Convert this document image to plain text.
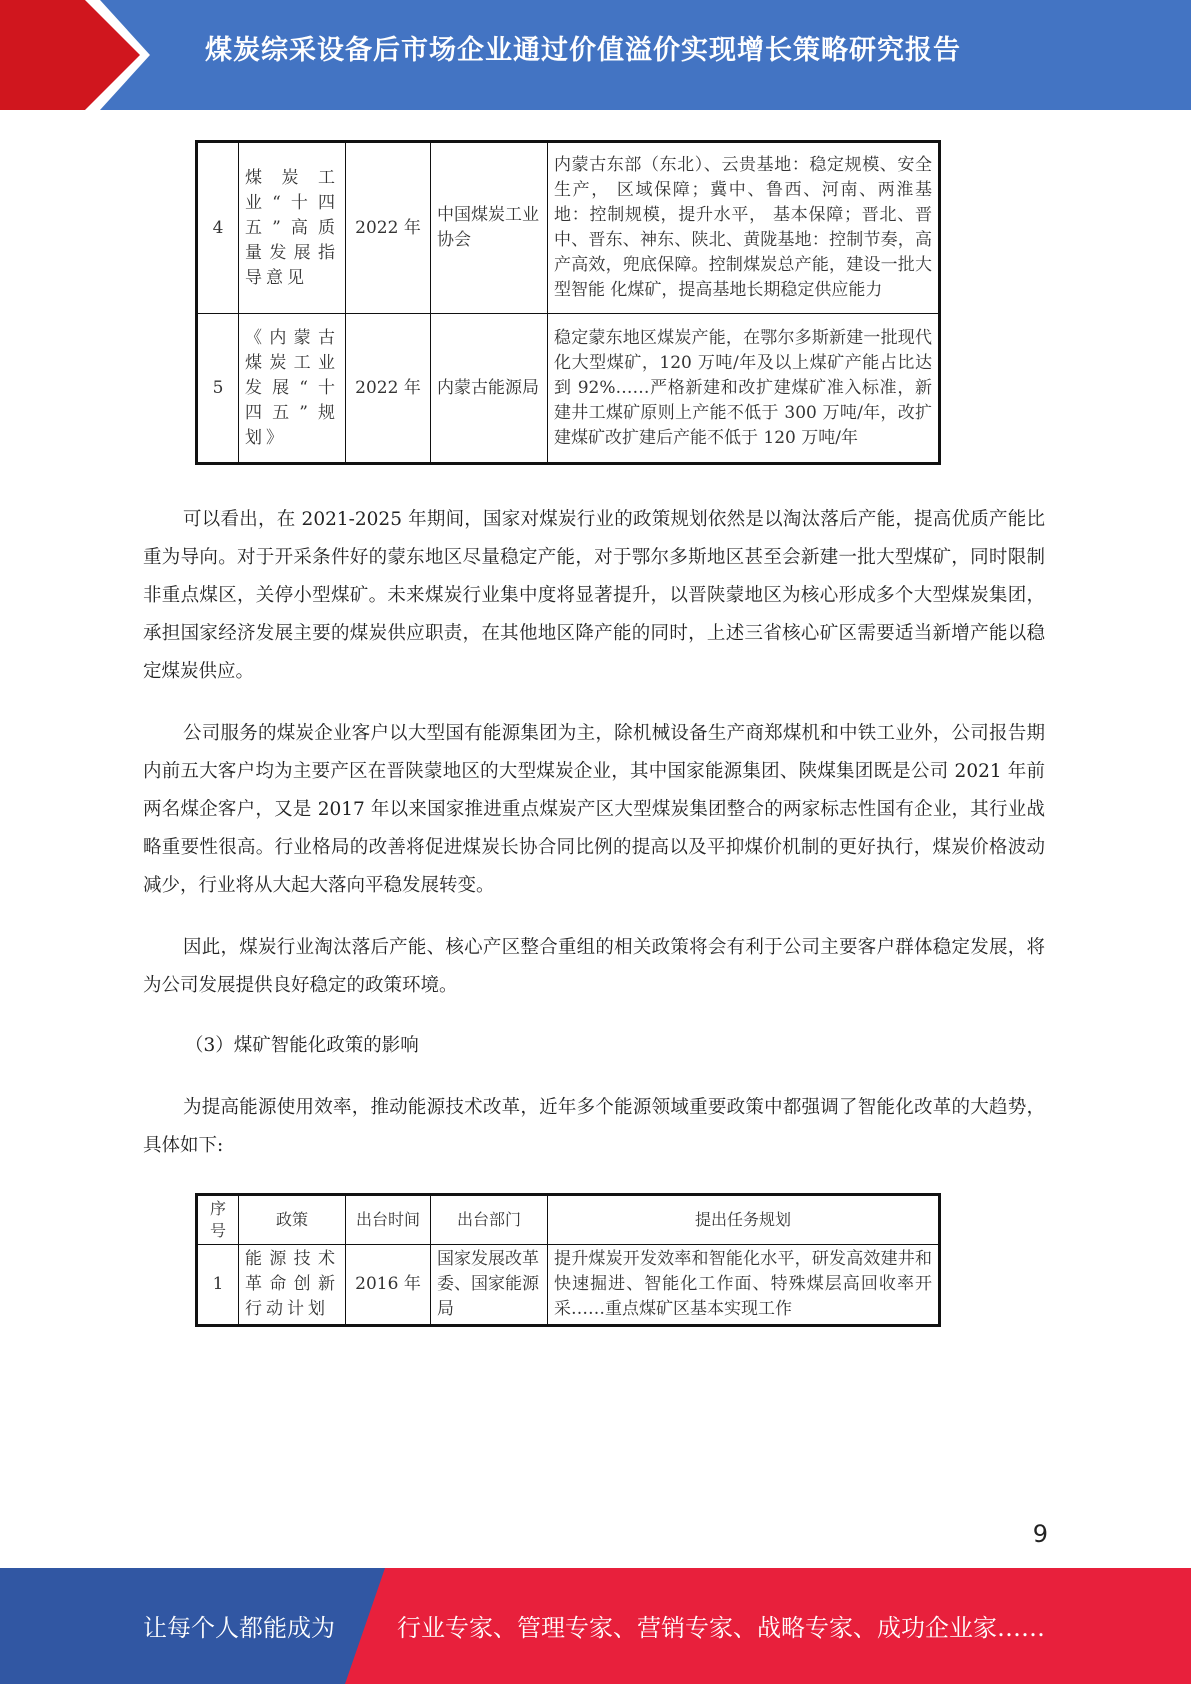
煤炭综采设备后市场企业通过价值溢价实现增长策略研究报告
4	煤炭工业“十四五”高质量发展指导意见	2022 年	中国煤炭工业协会	内蒙古东部（东北）、云贵基地：稳定规模、安全生产， 区域保障；冀中、鲁西、河南、两淮基地：控制规模，提升水平， 基本保障；晋北、晋中、晋东、神东、陕北、黄陇基地：控制节奏，高产高效，兜底保障。控制煤炭总产能，建设一批大型智能 化煤矿，提高基地长期稳定供应能力
5	《内蒙古煤炭工业发展“十 四五”规划》	2022 年	内蒙古能源局	稳定蒙东地区煤炭产能，在鄂尔多斯新建一批现代化大型煤矿，120 万吨/年及以上煤矿产能占比达到 92%……严格新建和改扩建煤矿准入标准，新建井工煤矿原则上产能不低于 300 万吨/年，改扩建煤矿改扩建后产能不低于 120 万吨/年

可以看出，在 2021-2025 年期间，国家对煤炭行业的政策规划依然是以淘汰落后产能，提高优质产能比重为导向。对于开采条件好的蒙东地区尽量稳定产能，对于鄂尔多斯地区甚至会新建一批大型煤矿，同时限制非重点煤区，关停小型煤矿。未来煤炭行业集中度将显著提升，以晋陕蒙地区为核心形成多个大型煤炭集团，承担国家经济发展主要的煤炭供应职责，在其他地区降产能的同时，上述三省核心矿区需要适当新增产能以稳定煤炭供应。

公司服务的煤炭企业客户以大型国有能源集团为主，除机械设备生产商郑煤机和中铁工业外，公司报告期内前五大客户均为主要产区在晋陕蒙地区的大型煤炭企业，其中国家能源集团、陕煤集团既是公司 2021 年前两名煤企客户，又是 2017 年以来国家推进重点煤炭产区大型煤炭集团整合的两家标志性国有企业，其行业战略重要性很高。行业格局的改善将促进煤炭长协合同比例的提高以及平抑煤价机制的更好执行，煤炭价格波动减少，行业将从大起大落向平稳发展转变。

因此，煤炭行业淘汰落后产能、核心产区整合重组的相关政策将会有利于公司主要客户群体稳定发展，将为公司发展提供良好稳定的政策环境。

（3）煤矿智能化政策的影响

为提高能源使用效率，推动能源技术改革，近年多个能源领域重要政策中都强调了智能化改革的大趋势，具体如下:

序号	政策	出台时间	出台部门	提出任务规划
1	能源技术革命创新行动计划	2016 年	国家发展改革委、国家能源局	提升煤炭开发效率和智能化水平，研发高效建井和快速掘进、智能化工作面、特殊煤层高回收率开采……重点煤矿区基本实现工作
9
让每个人都能成为	行业专家、管理专家、营销专家、战略专家、成功企业家……
